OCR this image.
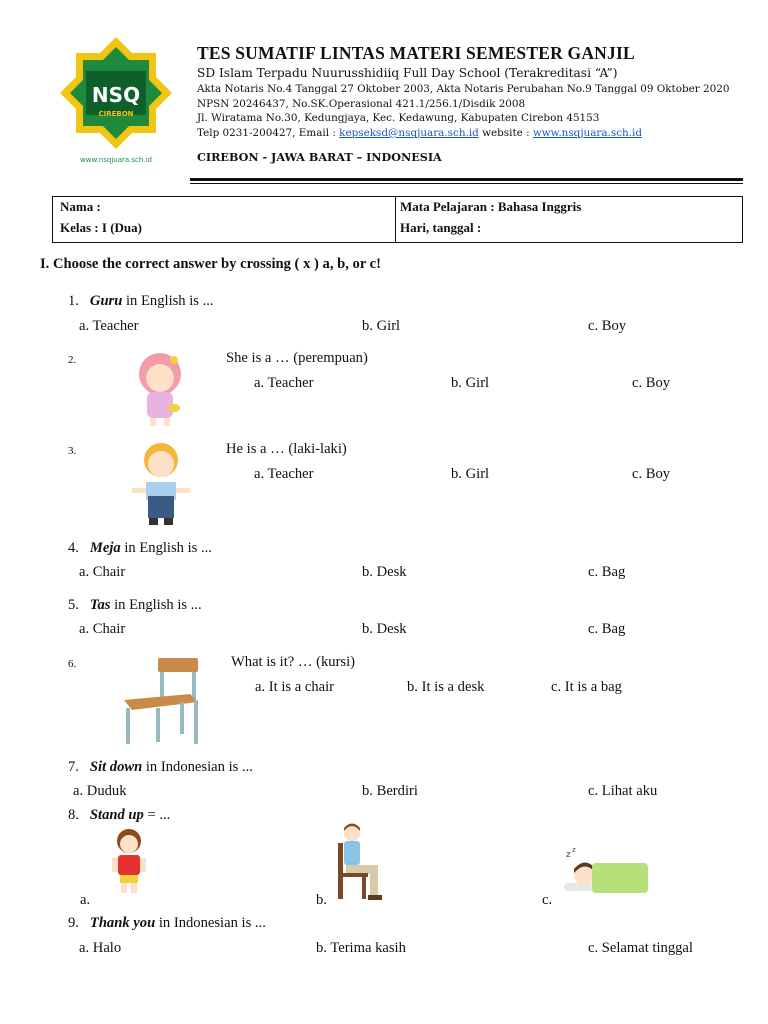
NSQ
CIREBON
www.nsqjuara.sch.id
TES SUMATIF LINTAS MATERI SEMESTER GANJIL
SD Islam Terpadu Nuurusshidiiq Full Day School (Terakreditasi “A”)
Akta Notaris No.4 Tanggal 27 Oktober 2003, Akta Notaris Perubahan No.9 Tanggal 09 Oktober 2020
NPSN 20246437, No.SK.Operasional 421.1/256.1/Disdik 2008
Jl. Wiratama No.30, Kedungjaya, Kec. Kedawung, Kabupaten Cirebon 45153
Telp 0231-200427, Email : kepseksd@nsqjuara.sch.id website : www.nsqjuara.sch.id
CIREBON - JAWA BARAT – INDONESIA
Nama :
Kelas : I (Dua)
Mata Pelajaran : Bahasa Inggris
Hari, tanggal :
I. Choose the correct answer by crossing ( x ) a, b, or c!
1. Guru in English is ...
a. Teacher	b. Girl	c. Boy
2.	She is a … (perempuan)
a. Teacher	b. Girl	c. Boy
3.	He is a … (laki-laki)
a. Teacher	b. Girl	c. Boy
4. Meja in English is ...
a. Chair	b. Desk	c. Bag
5. Tas in English is ...
a. Chair	b. Desk	c. Bag
6.	What is it? … (kursi)
a. It is a chair	b. It is a desk	c. It is a bag
7. Sit down in Indonesian is ...
a. Duduk	b. Berdiri	c. Lihat aku
8. Stand up = ...
z z
a.	b.	c.
9. Thank you in Indonesian is ...
a. Halo	b. Terima kasih	c. Selamat tinggal
